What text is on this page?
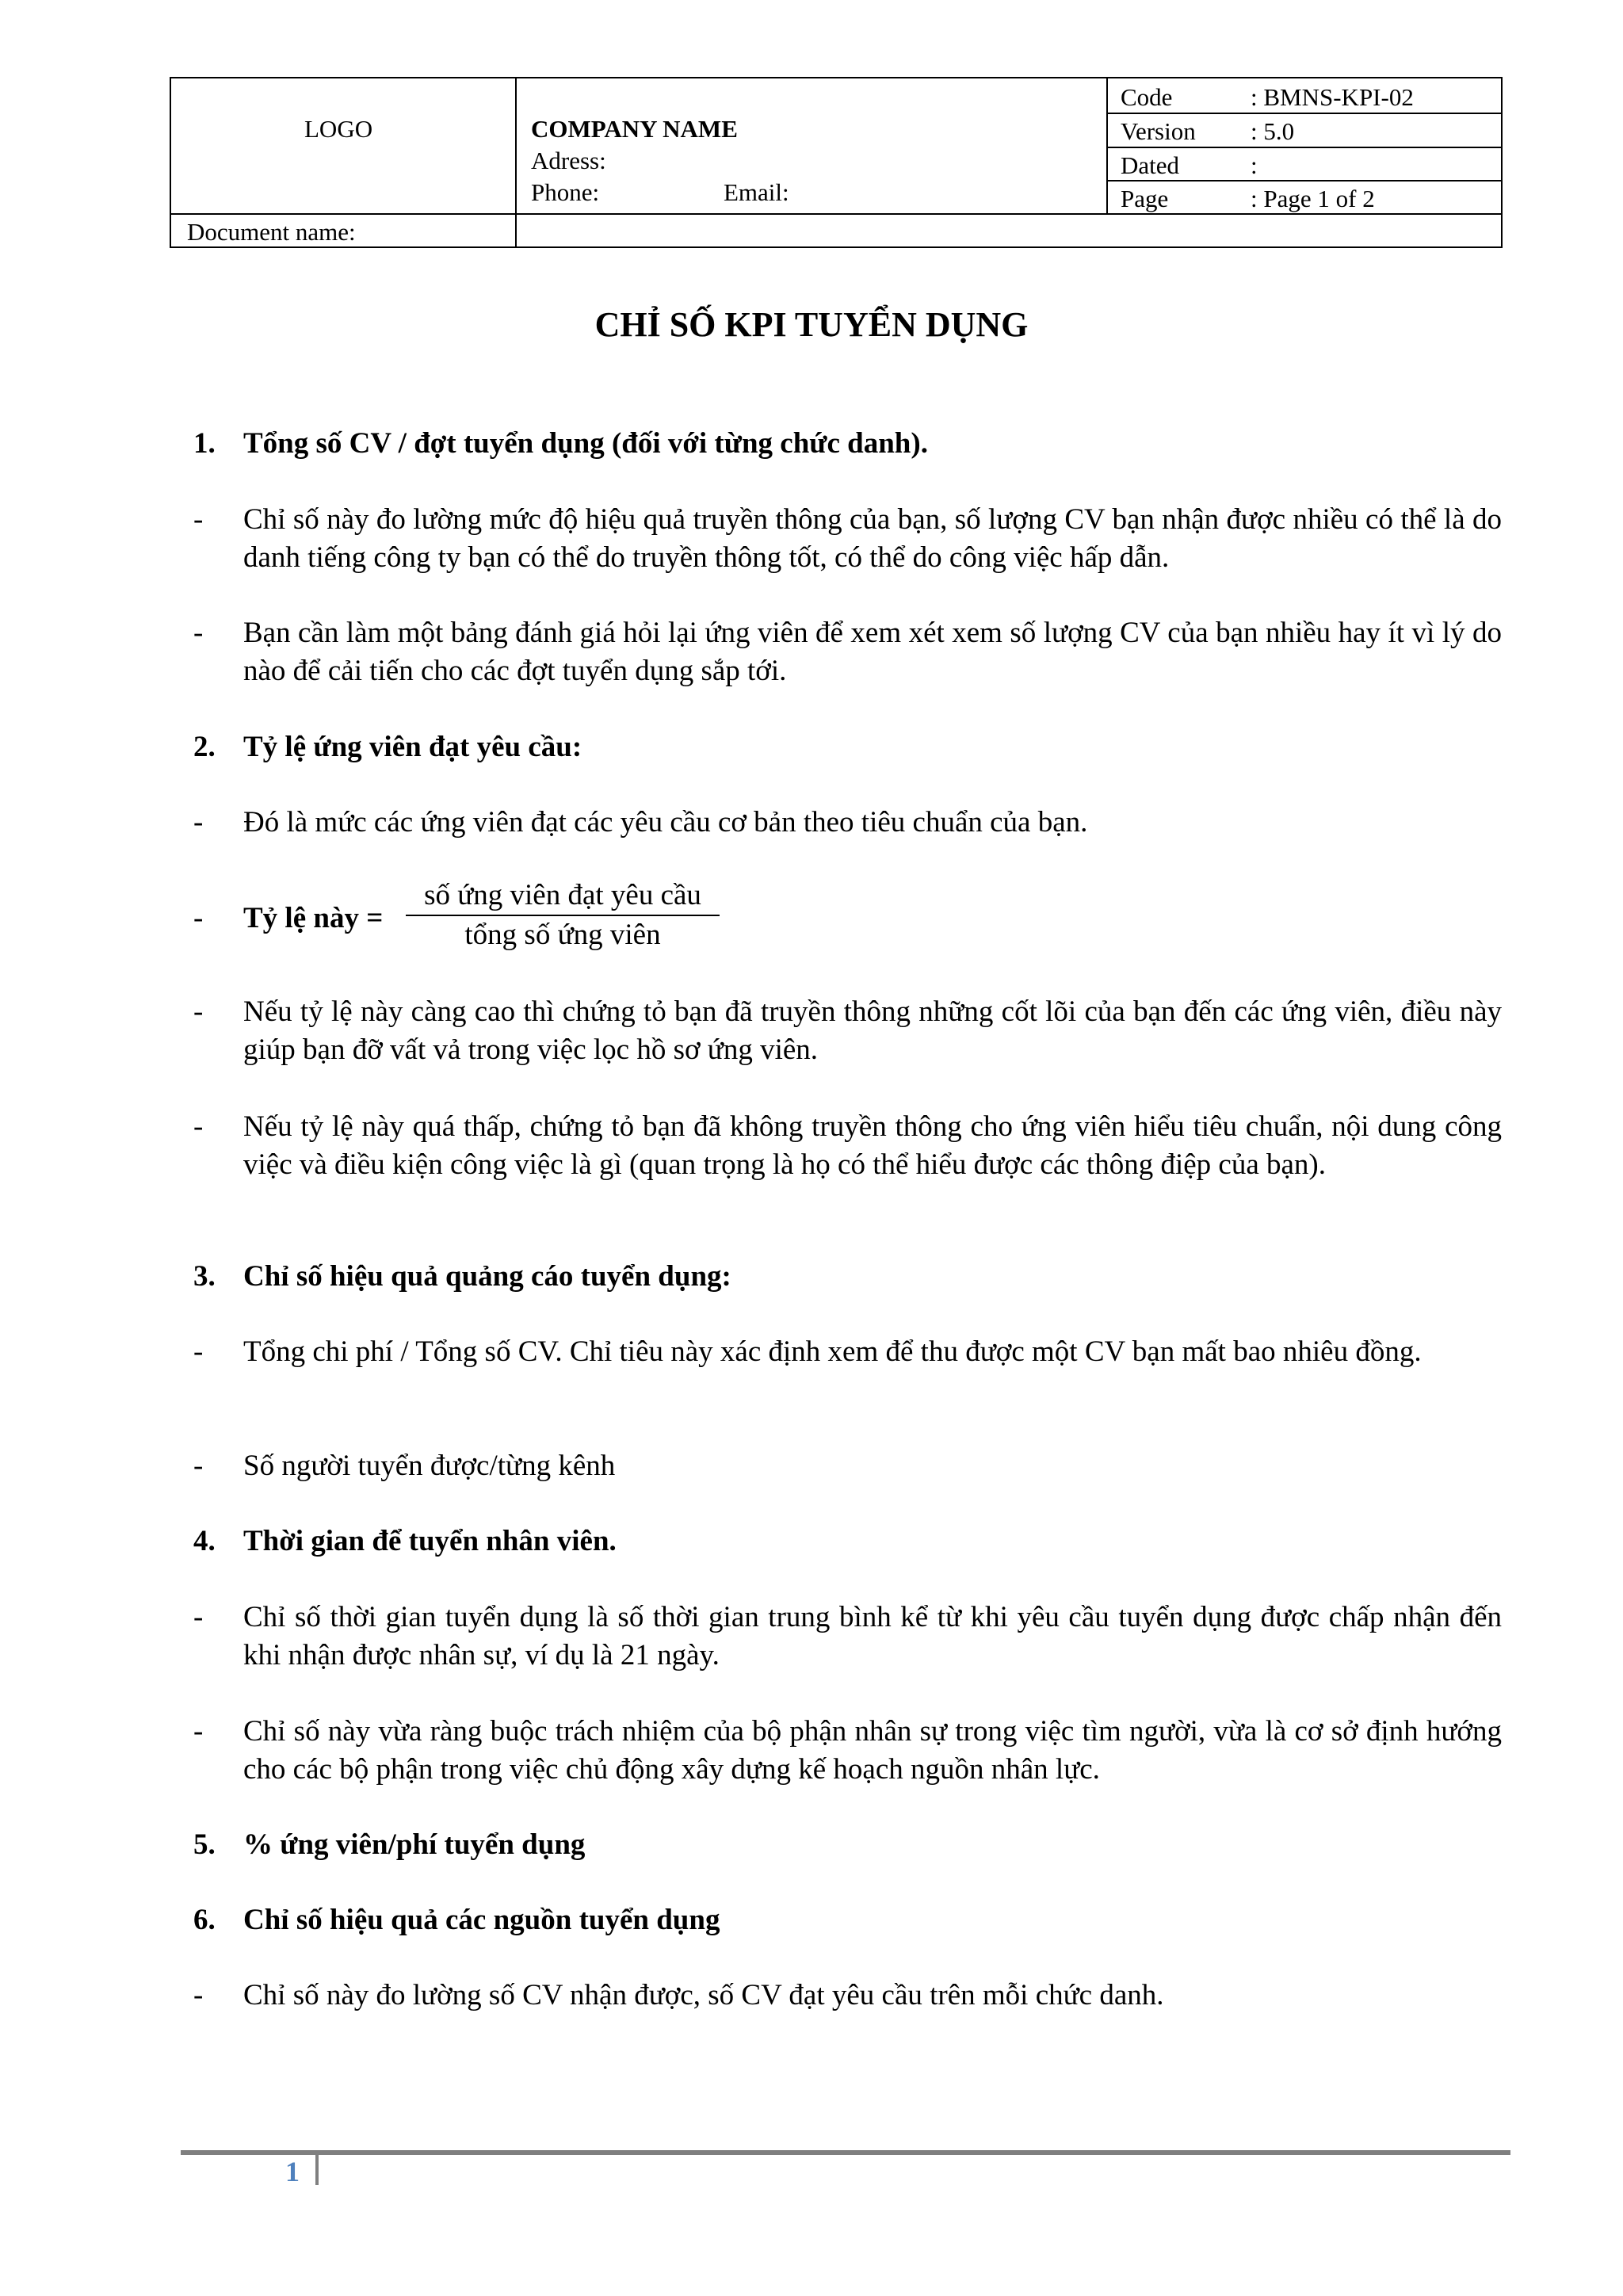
LOGO	COMPANY NAME
Adress:
Phone:	Email:
Code	: BMNS-KPI-02
Version : 5.0
Dated	:
Page	: Page 1 of 2
Document name:
CHỈ SỐ KPI TUYỂN DỤNG
1. Tổng số CV / đợt tuyển dụng (đối với từng chức danh).
- Chỉ số này đo lường mức độ hiệu quả truyền thông của bạn, số lượng CV bạn nhận được nhiều có thể là do danh tiếng công ty bạn có thể do truyền thông tốt, có thể do công việc hấp dẫn.
- Bạn cần làm một bảng đánh giá hỏi lại ứng viên để xem xét xem số lượng CV của bạn nhiều hay ít vì lý do nào để cải tiến cho các đợt tuyển dụng sắp tới.
2. Tỷ lệ ứng viên đạt yêu cầu:
- Đó là mức các ứng viên đạt các yêu cầu cơ bản theo tiêu chuẩn của bạn.
- Tỷ lệ này =
số ứng viên đạt yêu cầu
tổng số ứng viên
- Nếu tỷ lệ này càng cao thì chứng tỏ bạn đã truyền thông những cốt lõi của bạn đến các ứng viên, điều này giúp bạn đỡ vất vả trong việc lọc hồ sơ ứng viên.
- Nếu tỷ lệ này quá thấp, chứng tỏ bạn đã không truyền thông cho ứng viên hiểu tiêu chuẩn, nội dung công việc và điều kiện công việc là gì (quan trọng là họ có thể hiểu được các thông điệp của bạn).
3. Chỉ số hiệu quả quảng cáo tuyển dụng:
- Tổng chi phí / Tổng số CV. Chỉ tiêu này xác định xem để thu được một CV bạn mất bao nhiêu đồng.
- Số người tuyển được/từng kênh
4. Thời gian để tuyển nhân viên.
- Chỉ số thời gian tuyển dụng là số thời gian trung bình kể từ khi yêu cầu tuyển dụng được chấp nhận đến khi nhận được nhân sự, ví dụ là 21 ngày.
- Chỉ số này vừa ràng buộc trách nhiệm của bộ phận nhân sự trong việc tìm người, vừa là cơ sở định hướng cho các bộ phận trong việc chủ động xây dựng kế hoạch nguồn nhân lực.
5. % ứng viên/phí tuyển dụng
6. Chỉ số hiệu quả các nguồn tuyển dụng
- Chỉ số này đo lường số CV nhận được, số CV đạt yêu cầu trên mỗi chức danh.
1
